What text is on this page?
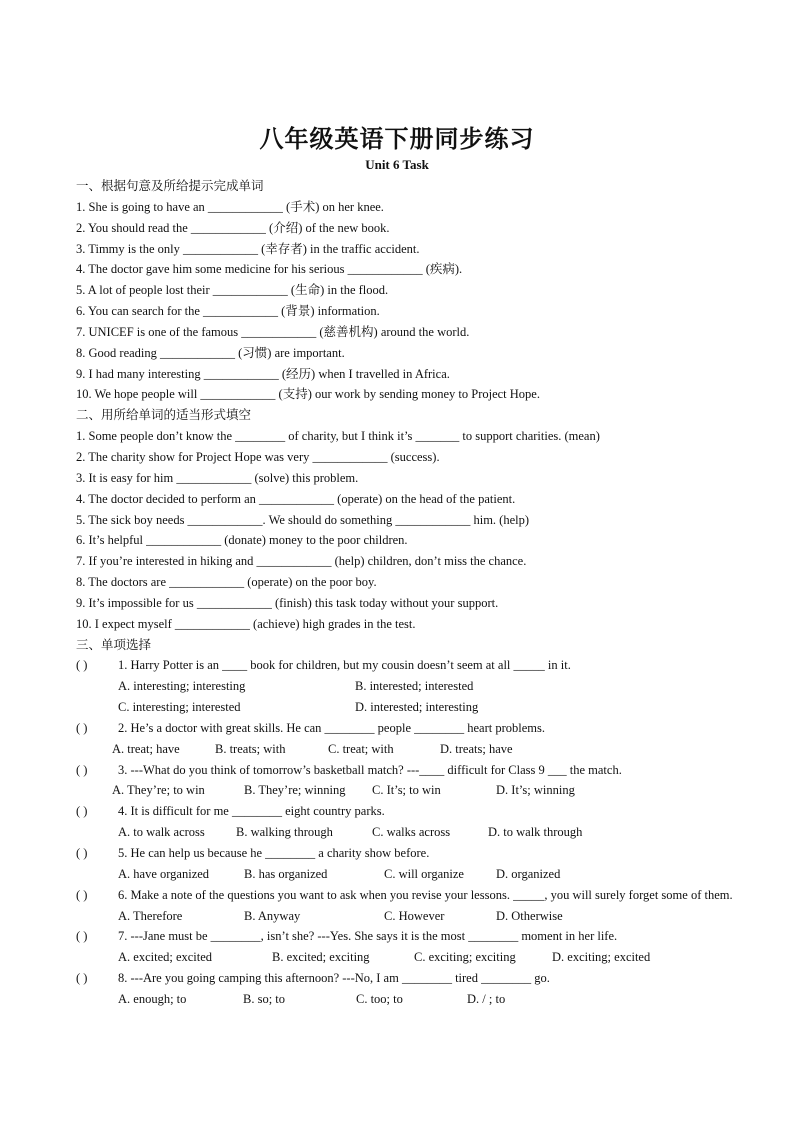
八年级英语下册同步练习
Unit 6 Task
一、根据句意及所给提示完成单词
1. She is going to have an ____________ (手术) on her knee.
2. You should read the ____________ (介绍) of the new book.
3. Timmy is the only ____________ (幸存者) in the traffic accident.
4. The doctor gave him some medicine for his serious ____________ (疾病).
5. A lot of people lost their ____________ (生命) in the flood.
6. You can search for the ____________ (背景) information.
7. UNICEF is one of the famous ____________ (慈善机构) around the world.
8. Good reading ____________ (习惯) are important.
9. I had many interesting ____________ (经历) when I travelled in Africa.
10. We hope people will ____________ (支持) our work by sending money to Project Hope.
二、用所给单词的适当形式填空
1. Some people don’t know the ________ of charity, but I think it’s _______ to support charities. (mean)
2. The charity show for Project Hope was very ____________ (success).
3. It is easy for him ____________ (solve) this problem.
4. The doctor decided to perform an ____________ (operate) on the head of the patient.
5. The sick boy needs ____________. We should do something ____________ him. (help)
6. It’s helpful ____________ (donate) money to the poor children.
7. If you’re interested in hiking and ____________ (help) children, don’t miss the chance.
8. The doctors are ____________ (operate) on the poor boy.
9. It’s impossible for us ____________ (finish) this task today without your support.
10. I expect myself ____________ (achieve) high grades in the test.
三、单项选择
( )	1. Harry Potter is an ____ book for children, but my cousin doesn’t seem at all _____ in it.
A. interesting; interesting	B. interested; interested
C. interesting; interested	D. interested; interesting
( )	2. He’s a doctor with great skills. He can ________ people ________ heart problems.
A. treat; have	B. treats; with	C. treat; with	D. treats; have
( )	3. ---What do you think of tomorrow’s basketball match? ---____ difficult for Class 9 ___ the match.
A. They’re; to win	B. They’re; winning	C. It’s; to win	D. It’s; winning
( )	4. It is difficult for me ________ eight country parks.
A. to walk across	B. walking through	C. walks across	D. to walk through
( )	5. He can help us because he ________ a charity show before.
A. have organized	B. has organized	C. will organize	D. organized
( )	6. Make a note of the questions you want to ask when you revise your lessons. _____, you will surely forget some of them.
A. Therefore	B. Anyway	C. However	D. Otherwise
( )	7. ---Jane must be ________, isn’t she? ---Yes. She says it is the most ________ moment in her life.
A. excited; excited	B. excited; exciting	C. exciting; exciting	D. exciting; excited
( )	8. ---Are you going camping this afternoon? ---No, I am ________ tired ________ go.
A. enough; to	B. so; to	C. too; to	D. / ; to
